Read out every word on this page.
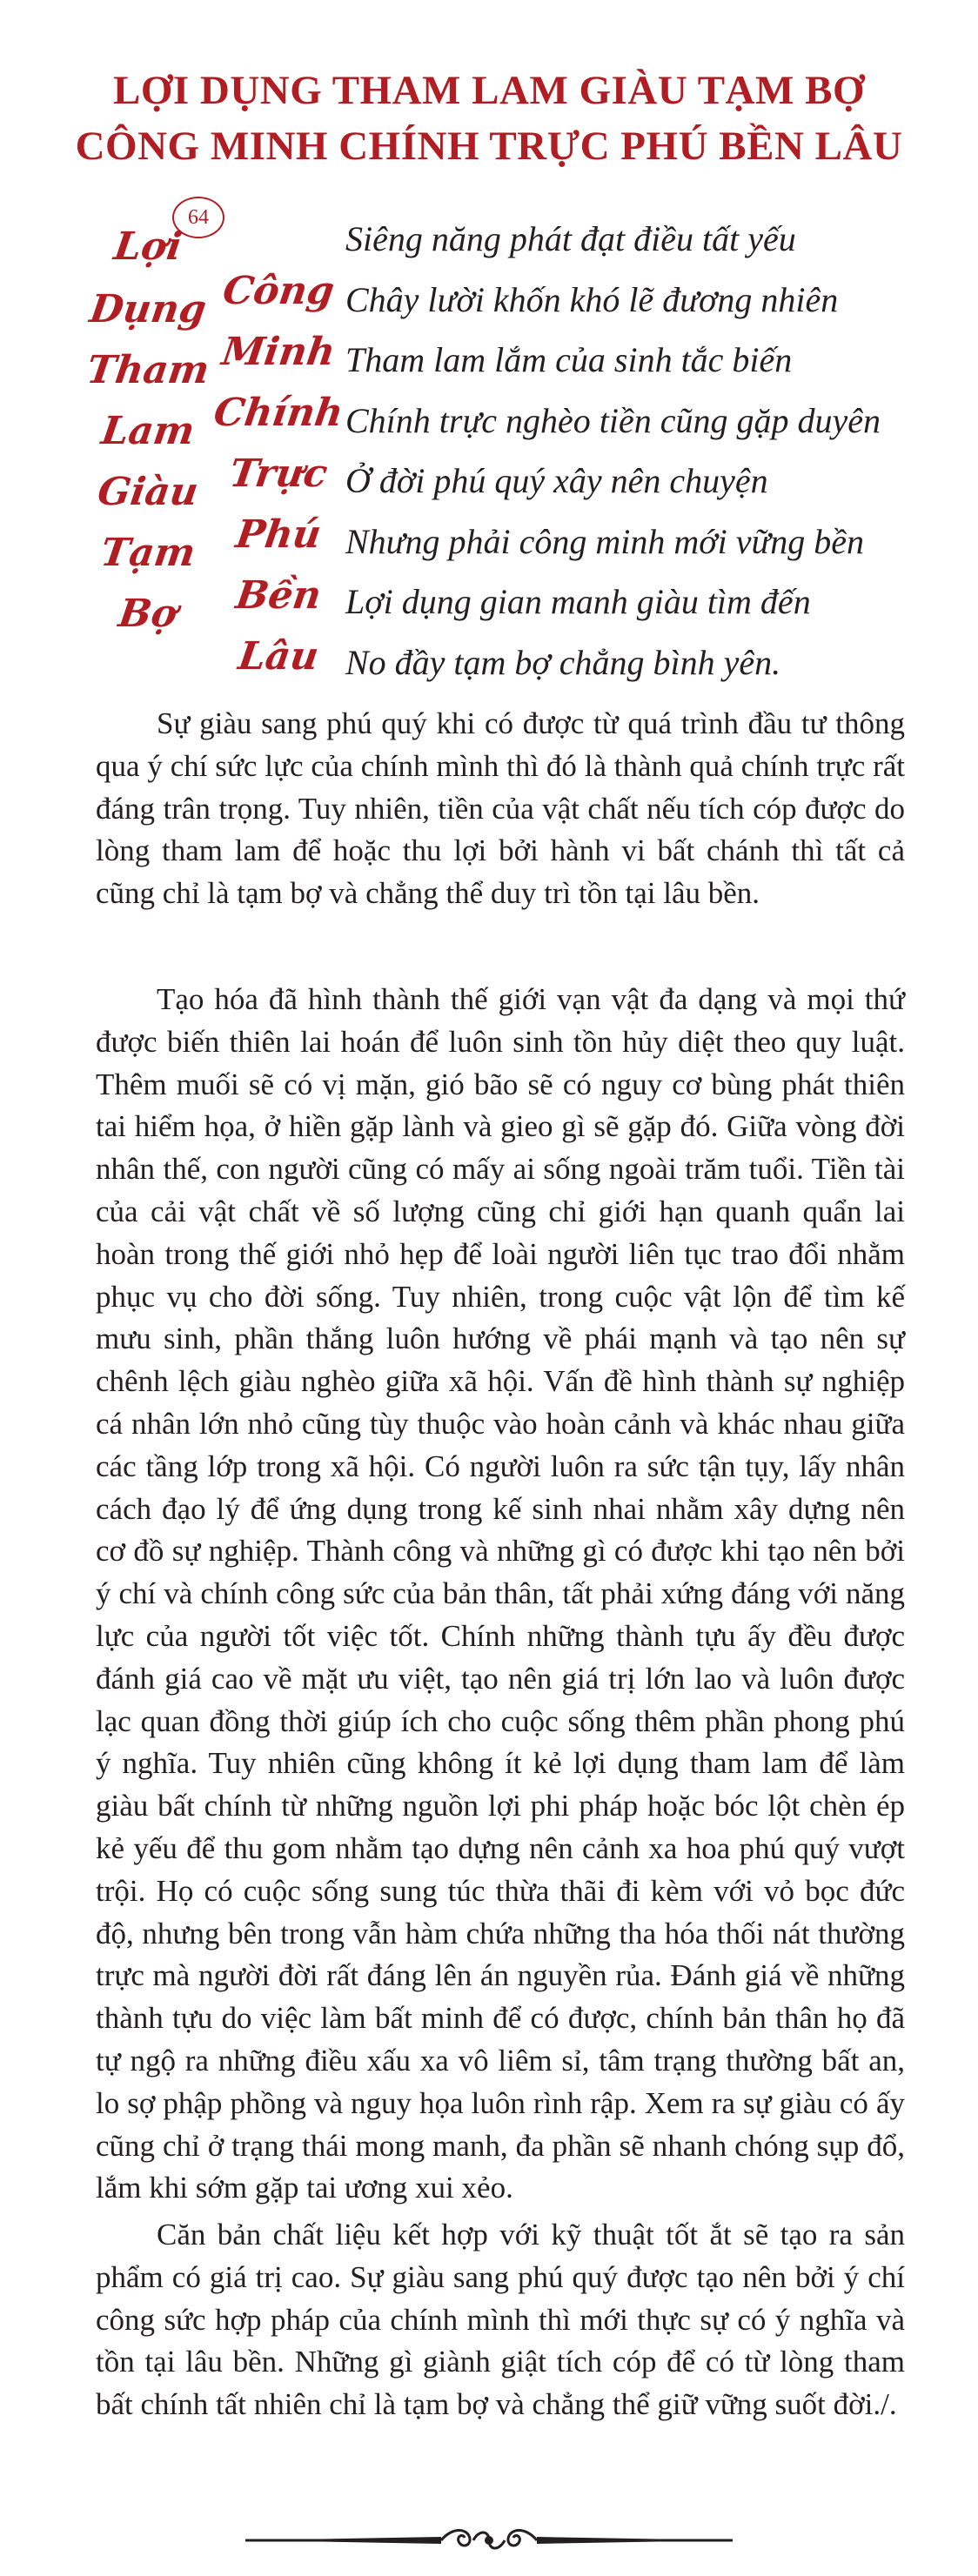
LỢI DỤNG THAM LAM GIÀU TẠM BỢ
CÔNG MINH CHÍNH TRỰC PHÚ BỀN LÂU
64
Lợi
Dụng
Tham
Lam
Giàu
Tạm
Bợ
Công
Minh
Chính
Trực
Phú
Bền
Lâu
Siêng năng phát đạt điều tất yếu
Chây lười khốn khó lẽ đương nhiên
Tham lam lắm của sinh tắc biến
Chính trực nghèo tiền cũng gặp duyên
Ở đời phú quý xây nên chuyện
Nhưng phải công minh mới vững bền
Lợi dụng gian manh giàu tìm đến
No đầy tạm bợ chẳng bình yên.

Sự giàu sang phú quý khi có được từ quá trình đầu tư thông qua ý chí sức lực của chính mình thì đó là thành quả chính trực rất đáng trân trọng. Tuy nhiên, tiền của vật chất nếu tích cóp được do lòng tham lam để hoặc thu lợi bởi hành vi bất chánh thì tất cả cũng chỉ là tạm bợ và chẳng thể duy trì tồn tại lâu bền.

Tạo hóa đã hình thành thế giới vạn vật đa dạng và mọi thứ được biến thiên lai hoán để luôn sinh tồn hủy diệt theo quy luật. Thêm muối sẽ có vị mặn, gió bão sẽ có nguy cơ bùng phát thiên tai hiểm họa, ở hiền gặp lành và gieo gì sẽ gặp đó. Giữa vòng đời nhân thế, con người cũng có mấy ai sống ngoài trăm tuổi. Tiền tài của cải vật chất về số lượng cũng chỉ giới hạn quanh quẩn lai hoàn trong thế giới nhỏ hẹp để loài người liên tục trao đổi nhằm phục vụ cho đời sống. Tuy nhiên, trong cuộc vật lộn để tìm kế mưu sinh, phần thắng luôn hướng về phái mạnh và tạo nên sự chênh lệch giàu nghèo giữa xã hội. Vấn đề hình thành sự nghiệp cá nhân lớn nhỏ cũng tùy thuộc vào hoàn cảnh và khác nhau giữa các tầng lớp trong xã hội. Có người luôn ra sức tận tụy, lấy nhân cách đạo lý để ứng dụng trong kế sinh nhai nhằm xây dựng nên cơ đồ sự nghiệp. Thành công và những gì có được khi tạo nên bởi ý chí và chính công sức của bản thân, tất phải xứng đáng với năng lực của người tốt việc tốt. Chính những thành tựu ấy đều được đánh giá cao về mặt ưu việt, tạo nên giá trị lớn lao và luôn được lạc quan đồng thời giúp ích cho cuộc sống thêm phần phong phú ý nghĩa. Tuy nhiên cũng không ít kẻ lợi dụng tham lam để làm giàu bất chính từ những nguồn lợi phi pháp hoặc bóc lột chèn ép kẻ yếu để thu gom nhằm tạo dựng nên cảnh xa hoa phú quý vượt trội. Họ có cuộc sống sung túc thừa thãi đi kèm với vỏ bọc đức độ, nhưng bên trong vẫn hàm chứa những tha hóa thối nát thường trực mà người đời rất đáng lên án nguyền rủa. Đánh giá về những thành tựu do việc làm bất minh để có được, chính bản thân họ đã tự ngộ ra những điều xấu xa vô liêm sỉ, tâm trạng thường bất an, lo sợ phập phồng và nguy họa luôn rình rập. Xem ra sự giàu có ấy cũng chỉ ở trạng thái mong manh, đa phần sẽ nhanh chóng sụp đổ, lắm khi sớm gặp tai ương xui xẻo.

Căn bản chất liệu kết hợp với kỹ thuật tốt ắt sẽ tạo ra sản phẩm có giá trị cao. Sự giàu sang phú quý được tạo nên bởi ý chí công sức hợp pháp của chính mình thì mới thực sự có ý nghĩa và tồn tại lâu bền. Những gì giành giật tích cóp để có từ lòng tham bất chính tất nhiên chỉ là tạm bợ và chẳng thể giữ vững suốt đời./.
